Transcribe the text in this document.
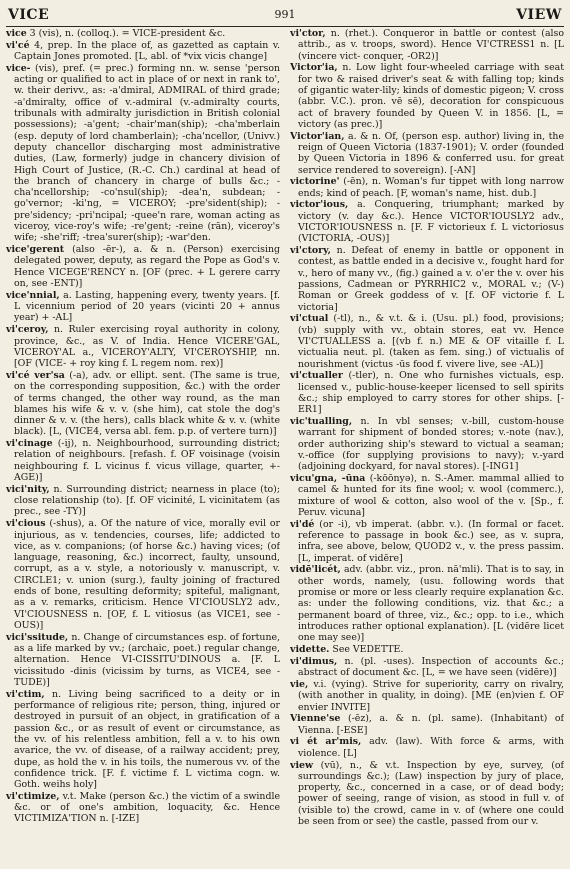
VICE	991	VIEW

vice 3 (vis), n. (colloq.). = VICE-president &c.

vi'cé 4, prep. In the place of, as gazetted as captain v. Captain Jones promoted. [L, abl. of *vix vicis change]

vice- (vis), pref. (= prec.) forming nn. w. sense 'person acting or qualified to act in place of or next in rank to', w. their derivv., as: -a'dmiral, ADMIRAL of third grade; -a'dmiralty, office of v.-admiral (v.-admiralty courts, tribunals with admiralty jurisdiction in British colonial possessions); -a'gent; -chair'man(ship); -cha'mberlain (esp. deputy of lord chamberlain); -cha'ncellor, (Univv.) deputy chancellor discharging most administrative duties, (Law, formerly) judge in chancery division of High Court of Justice, (R.-C. Ch.) cardinal at head of the branch of chancery in charge of bulls &c.; -cha'ncellorship; -co'nsul(ship); -dea'n, subdean; -go'vernor; -ki'ng, = VICEROY; -pre'sident(ship); -pre'sidency; -pri'ncipal; -quee'n rare, woman acting as viceroy, vice-roy's wife; -re'gent; -reine (rān), viceroy's wife; -she'riff; -trea'surer(ship); -war'den.

vice'gerent (also -ēr-), a. & n. (Person) exercising delegated power, deputy, as regard the Pope as God's v. Hence VICEGE'RENCY n. [OF (prec. + L gerere carry on, see -ENT)]

vice'nnial, a. Lasting, happening every, twenty years. [f. L vicennium period of 20 years (vicinti 20 + annus year) + -AL]

vi'ceroy, n. Ruler exercising royal authority in colony, province, &c., as V. of India. Hence VICERE'GAL, VICEROY'AL a., VICEROY'ALTY, VI'CEROYSHIP, nn. [OF (VICE- + roy king f. L regem nom. rex)]

vi'cé ver'sa (-a), adv. or ellipt. sent. (The same is true, on the corresponding supposition, &c.) with the order of terms changed, the other way round, as the man blames his wife & v. v. (she him), cat stole the dog's dinner & v. v. (the hers), calls black white & v. v. (white black). [L, (VICE4, versa abl. fem. p.p. of vertere turn)]

vi'cinage (-ij), n. Neighbourhood, surrounding district; relation of neighbours. [refash. f. OF voisinage (voisin neighbouring f. L vicinus f. vicus village, quarter, +-AGE)]

vici'nity, n. Surrounding district; nearness in place (to); close relationship (to). [f. OF vicinité, L vicinitatem (as prec., see -TY)]

vi'cious (-shus), a. Of the nature of vice, morally evil or injurious, as v. tendencies, courses, life; addicted to vice, as v. companions; (of horse &c.) having vices; (of language, reasoning, &c.) incorrect, faulty, unsound, corrupt, as a v. style, a notoriously v. manuscript, v. CIRCLE1; v. union (surg.), faulty joining of fractured ends of bone, resulting deformity; spiteful, malignant, as a v. remarks, criticism. Hence VI'CIOUSLY2 adv., VI'CIOUSNESS n. [OF, f. L vitiosus (as VICE1, see -OUS)]

vici'ssitude, n. Change of circumstances esp. of fortune, as a life marked by vv.; (archaic, poet.) regular change, alternation. Hence VI-CISSITU'DINOUS a. [F. L vicissitudo -dinis (vicissim by turns, as VICE4, see -TUDE)]

vi'ctim, n. Living being sacrificed to a deity or in performance of religious rite; person, thing, injured or destroyed in pursuit of an object, in gratification of a passion &c., or as result of event or circumstance, as the vv. of his relentless ambition, fell a v. to his own avarice, the vv. of disease, of a railway accident; prey, dupe, as hold the v. in his toils, the numerous vv. of the confidence trick. [F. f. victime f. L victima cogn. w. Goth. weihs holy]

vi'ctimize, v.t. Make (person &c.) the victim of a swindle &c. or of one's ambition, loquacity, &c. Hence VICTIMIZA'TION n. [-IZE]

vi'ctor, n. (rhet.). Conqueror in battle or contest (also attrib., as v. troops, sword). Hence VI'CTRESS1 n. [L (vincere vict- conquer, -OR2)]

Victor'ia, n. Low light four-wheeled carriage with seat for two & raised driver's seat & with falling top; kinds of gigantic water-lily; kinds of domestic pigeon; V. cross (abbr. V.C.). pron. vē sē), decoration for conspicuous act of bravery founded by Queen V. in 1856. [L, = victory (as prec.)]

Victor'ian, a. & n. Of, (person esp. author) living in, the reign of Queen Victoria (1837-1901); V. order (founded by Queen Victoria in 1896 & conferred usu. for great service rendered to sovereign). [-AN]

victorine' (-ēn), n. Woman's fur tippet with long narrow ends; kind of peach. [F, woman's name, hist. dub.]

victor'ious, a. Conquering, triumphant; marked by victory (v. day &c.). Hence VICTOR'IOUSLY2 adv., VICTOR'IOUSNESS n. [F. F victorieux f. L victoriosus (VICTORIA, -OUS)]

vi'ctory, n. Defeat of enemy in battle or opponent in contest, as battle ended in a decisive v., fought hard for v., hero of many vv., (fig.) gained a v. o'er the v. over his passions, Cadmean or PYRRHIC2 v., MORAL v.; (V-) Roman or Greek goddess of v. [f. OF victorie f. L victoria]

vi'ctual (-tl), n., & v.t. & i. (Usu. pl.) food, provisions; (vb) supply with vv., obtain stores, eat vv. Hence VI'CTUALLESS a. [(vb f. n.) ME & OF vitaille f. L victualia neut. pl. (taken as fem. sing.) of victualis of nourishment (victus -ūs food f. vivere live, see -AL)]

vi'ctualler (-tler), n. One who furnishes victuals, esp. licensed v., public-house-keeper licensed to sell spirits &c.; ship employed to carry stores for other ships. [-ER1]

vic'tualling, n. In vbl senses; v.-bill, custom-house warrant for shipment of bonded stores; v.-note (nav.), order authorizing ship's steward to victual a seaman; v.-office (for supplying provisions to navy); v.-yard (adjoining dockyard, for naval stores). [-ING1]

vicu'gna, -ūna (-kōōnyə), n. S.-Amer. mammal allied to camel & hunted for its fine wool; v. wool (commerc.), mixture of wool & cotton, also wool of the v. [Sp., f. Peruv. vicuna]

vi'dé (or -i), vb imperat. (abbr. v.). (In formal or facet. reference to passage in book &c.) see, as v. supra, infra, see above, below, QUOD2 v., v. the press passim. [L, imperat. of vidēre]

vidē'licét, adv. (abbr. viz., pron. nā'mli). That is to say, in other words, namely, (usu. following words that promise or more or less clearly require explanation &c. as: under the following conditions, viz. that &c.; a permanent board of three, viz., &c.; opp. to i.e., which introduces rather optional explanation). [L (vidēre licet one may see)]

vidette. See VEDETTE.

vi'dimus, n. (pl. -uses). Inspection of accounts &c.; abstract of document &c. [L, = we have seen (vidēre)]

vie, v.i. (vying). Strive for superiority, carry on rivalry, (with another in quality, in doing). [ME (en)vien f. OF envier INVITE]

Vienne'se (-ēz), a. & n. (pl. same). (Inhabitant) of Vienna. [-ESE]

vi ét ar'mis, adv. (law). With force & arms, with violence. [L]

view (vū), n., & v.t. Inspection by eye, survey, (of surroundings &c.); (Law) inspection by jury of place, property, &c., concerned in a case, or of dead body; power of seeing, range of vision, as stood in full v. of (visible to) the crowd, came in v. of (where one could be seen from or see) the castle, passed from our v.
